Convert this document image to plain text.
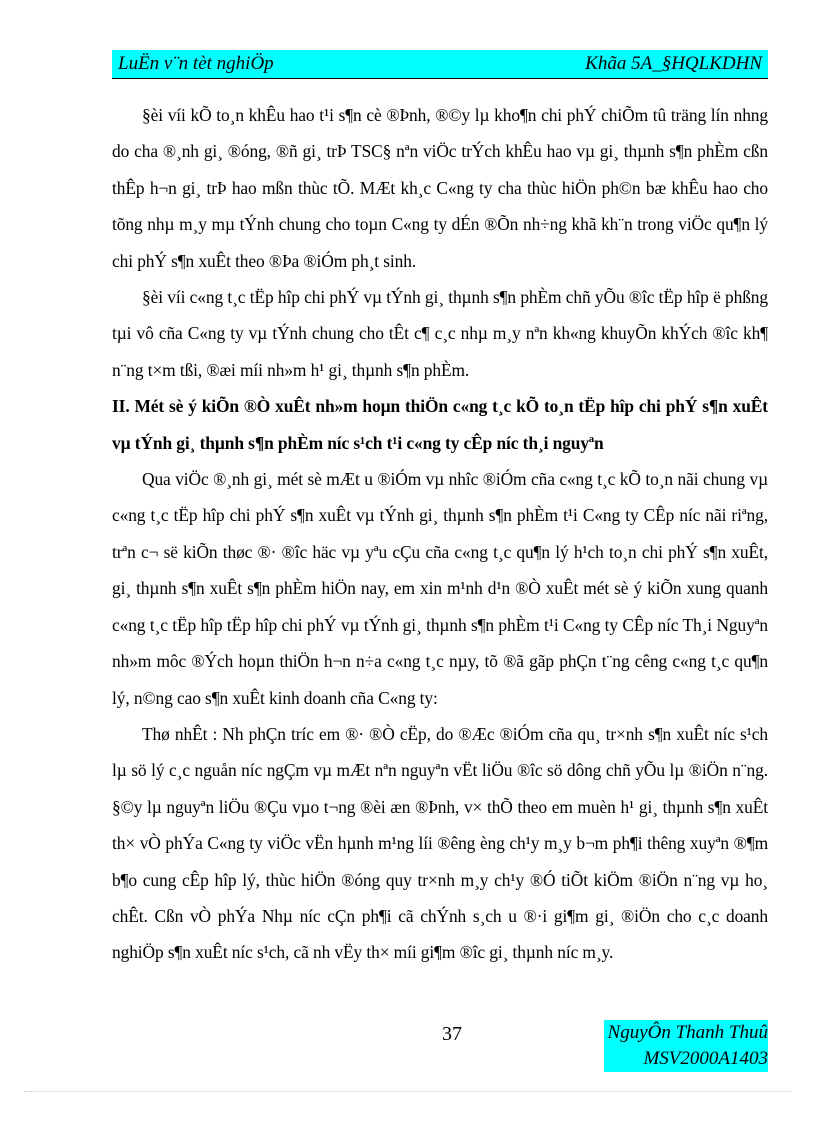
LuËn v¨n tèt nghiÖp	Khãa 5A_§HQLKDHN

§èi víi kÕ to¸n khÊu hao t¹i s¶n cè ®Þnh, ®©y lµ kho¶n chi phÝ chiÕm tû träng lín nhng do cha ®¸nh gi¸ ®óng, ®ñ gi¸ trÞ TSC§ nªn viÖc trÝch khÊu hao vµ gi¸ thµnh s¶n phÈm cßn thÊp h¬n gi¸ trÞ hao mßn thùc tÕ. MÆt kh¸c C«ng ty cha thùc hiÖn ph©n bæ khÊu hao cho tõng nhµ m¸y mµ tÝnh chung cho toµn C«ng ty dÉn ®Õn nh÷ng khã kh¨n trong viÖc qu¶n lý chi phÝ s¶n xuÊt theo ®Þa ®iÓm ph¸t sinh.

§èi víi c«ng t¸c tËp hîp chi phÝ vµ tÝnh gi¸ thµnh s¶n phÈm chñ yÕu ®îc tËp hîp ë phßng tµi vô cña C«ng ty vµ tÝnh chung cho tÊt c¶ c¸c nhµ m¸y nªn kh«ng khuyÕn khÝch ®îc kh¶ n¨ng t×m tßi, ®æi míi nh»m h¹ gi¸ thµnh s¶n phÈm.

II. Mét sè ý kiÕn ®Ò xuÊt nh»m hoµn thiÖn c«ng t¸c kÕ to¸n tËp hîp chi phÝ s¶n xuÊt vµ tÝnh gi¸ thµnh s¶n phÈm níc s¹ch t¹i c«ng ty cÊp níc th¸i nguyªn

Qua viÖc ®¸nh gi¸ mét sè mÆt u ®iÓm vµ nhîc ®iÓm cña c«ng t¸c kÕ to¸n nãi chung vµ c«ng t¸c tËp hîp chi phÝ s¶n xuÊt vµ tÝnh gi¸ thµnh s¶n phÈm t¹i C«ng ty CÊp níc nãi riªng, trªn c¬ së kiÕn thøc ®· ®îc häc vµ yªu cÇu cña c«ng t¸c qu¶n lý h¹ch to¸n chi phÝ s¶n xuÊt, gi¸ thµnh s¶n xuÊt s¶n phÈm hiÖn nay, em xin m¹nh d¹n ®Ò xuÊt mét sè ý kiÕn xung quanh c«ng t¸c tËp hîp tËp hîp chi phÝ vµ tÝnh gi¸ thµnh s¶n phÈm t¹i C«ng ty CÊp níc Th¸i Nguyªn nh»m môc ®Ých hoµn thiÖn h¬n n÷a c«ng t¸c nµy, tõ ®ã gãp phÇn t¨ng cêng c«ng t¸c qu¶n lý, n©ng cao s¶n xuÊt kinh doanh cña C«ng ty:

Thø nhÊt : Nh phÇn tríc em ®· ®Ò cËp, do ®Æc ®iÓm cña qu¸ tr×nh s¶n xuÊt níc s¹ch lµ sö lý c¸c nguån níc ngÇm vµ mÆt nªn nguyªn vËt liÖu ®îc sö dông chñ yÕu lµ ®iÖn n¨ng. §©y lµ nguyªn liÖu ®Çu vµo t¬ng ®èi æn ®Þnh, v× thÕ theo em muèn h¹ gi¸ thµnh s¶n xuÊt th× vÒ phÝa C«ng ty viÖc vËn hµnh m¹ng líi ®êng èng ch¹y m¸y b¬m ph¶i thêng xuyªn ®¶m b¶o cung cÊp hîp lý, thùc hiÖn ®óng quy tr×nh m¸y ch¹y ®Ó tiÕt kiÖm ®iÖn n¨ng vµ ho¸ chÊt. Cßn vÒ phÝa Nhµ níc cÇn ph¶i cã chÝnh s¸ch u ®·i gi¶m gi¸ ®iÖn cho c¸c doanh nghiÖp s¶n xuÊt níc s¹ch, cã nh vËy th× míi gi¶m ®îc gi¸ thµnh níc m¸y.

37	NguyÔn Thanh Thuû
MSV2000A1403
